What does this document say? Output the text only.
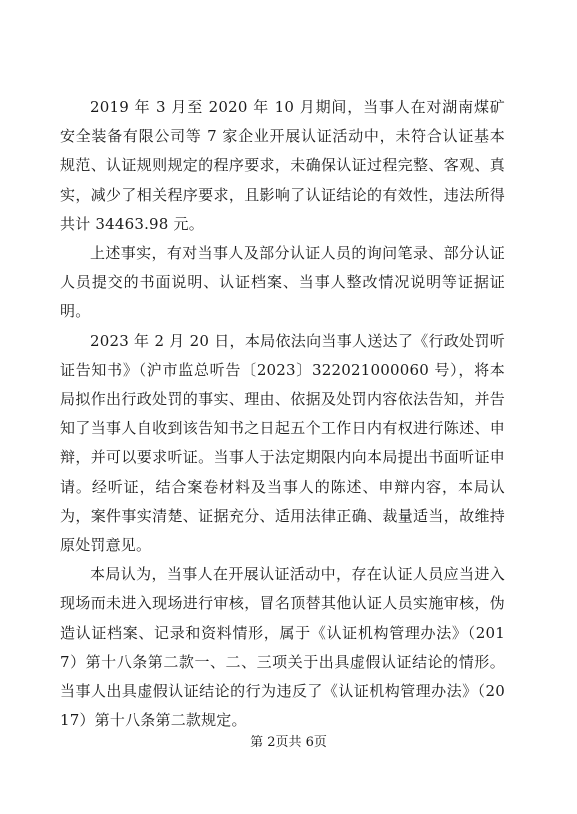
2019 年 3 月至 2020 年 10 月期间，当事人在对湖南煤矿安全装备有限公司等 7 家企业开展认证活动中，未符合认证基本规范、认证规则规定的程序要求，未确保认证过程完整、客观、真实，减少了相关程序要求，且影响了认证结论的有效性，违法所得共计 34463.98 元。

上述事实，有对当事人及部分认证人员的询问笔录、部分认证人员提交的书面说明、认证档案、当事人整改情况说明等证据证明。

2023 年 2 月 20 日，本局依法向当事人送达了《行政处罚听证告知书》（沪市监总听告〔2023〕322021000060 号），将本局拟作出行政处罚的事实、理由、依据及处罚内容依法告知，并告知了当事人自收到该告知书之日起五个工作日内有权进行陈述、申辩，并可以要求听证。当事人于法定期限内向本局提出书面听证申请。经听证，结合案卷材料及当事人的陈述、申辩内容，本局认为，案件事实清楚、证据充分、适用法律正确、裁量适当，故维持原处罚意见。

本局认为，当事人在开展认证活动中，存在认证人员应当进入现场而未进入现场进行审核，冒名顶替其他认证人员实施审核，伪造认证档案、记录和资料情形，属于《认证机构管理办法》（2017）第十八条第二款一、二、三项关于出具虚假认证结论的情形。当事人出具虚假认证结论的行为违反了《认证机构管理办法》（2017）第十八条第二款规定。

第 2页共 6页
